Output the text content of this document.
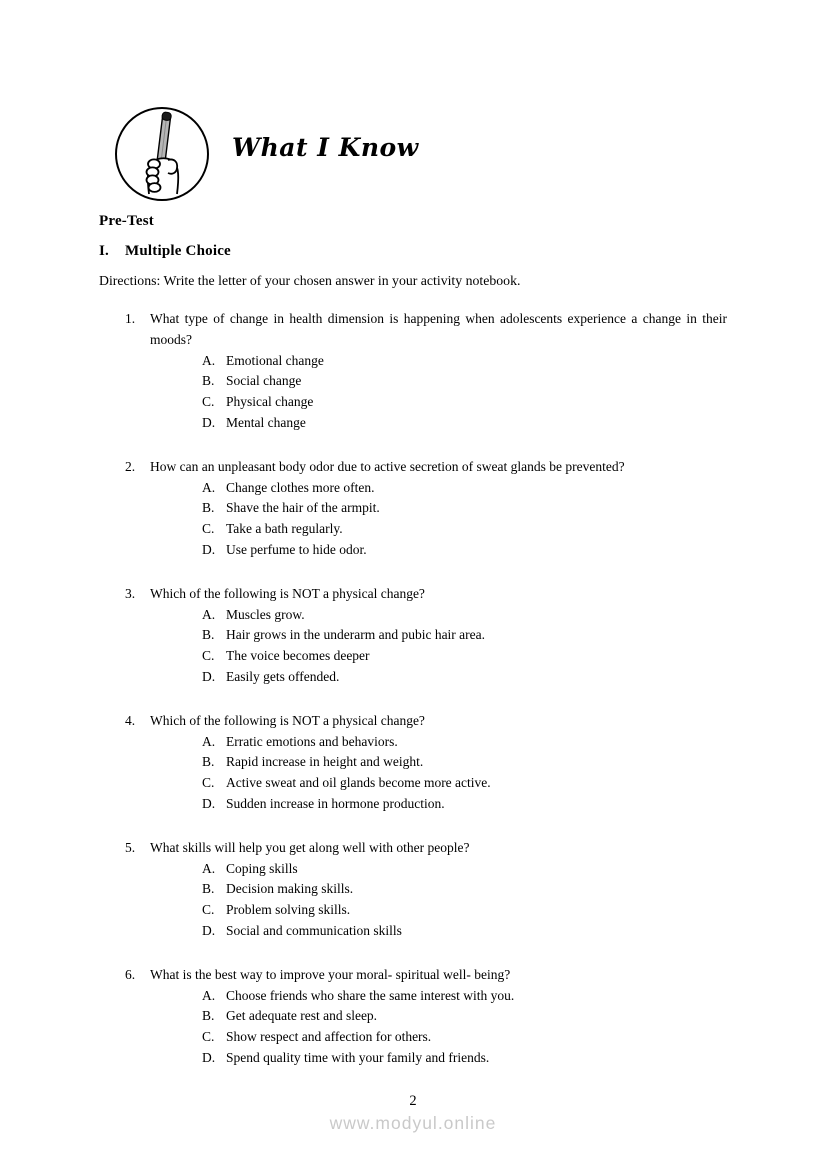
What I Know
Pre-Test
I. Multiple Choice
Directions: Write the letter of your chosen answer in your activity notebook.
1.	What type of change in health dimension is happening when adolescents experience a change in their moods?
A. Emotional change
B. Social change
C. Physical change
D. Mental change
2.	How can an unpleasant body odor due to active secretion of sweat glands be prevented?
A. Change clothes more often.
B. Shave the hair of the armpit.
C. Take a bath regularly.
D. Use perfume to hide odor.
3.	Which of the following is NOT a physical change?
A. Muscles grow.
B. Hair grows in the underarm and pubic hair area.
C. The voice becomes deeper
D. Easily gets offended.
4.	Which of the following is NOT a physical change?
A. Erratic emotions and behaviors.
B. Rapid increase in height and weight.
C. Active sweat and oil glands become more active.
D. Sudden increase in hormone production.
5.	What skills will help you get along well with other people?
A. Coping skills
B. Decision making skills.
C. Problem solving skills.
D. Social and communication skills
6.	What is the best way to improve your moral- spiritual well- being?
A. Choose friends who share the same interest with you.
B. Get adequate rest and sleep.
C. Show respect and affection for others.
D. Spend quality time with your family and friends.
2
www.modyul.online
